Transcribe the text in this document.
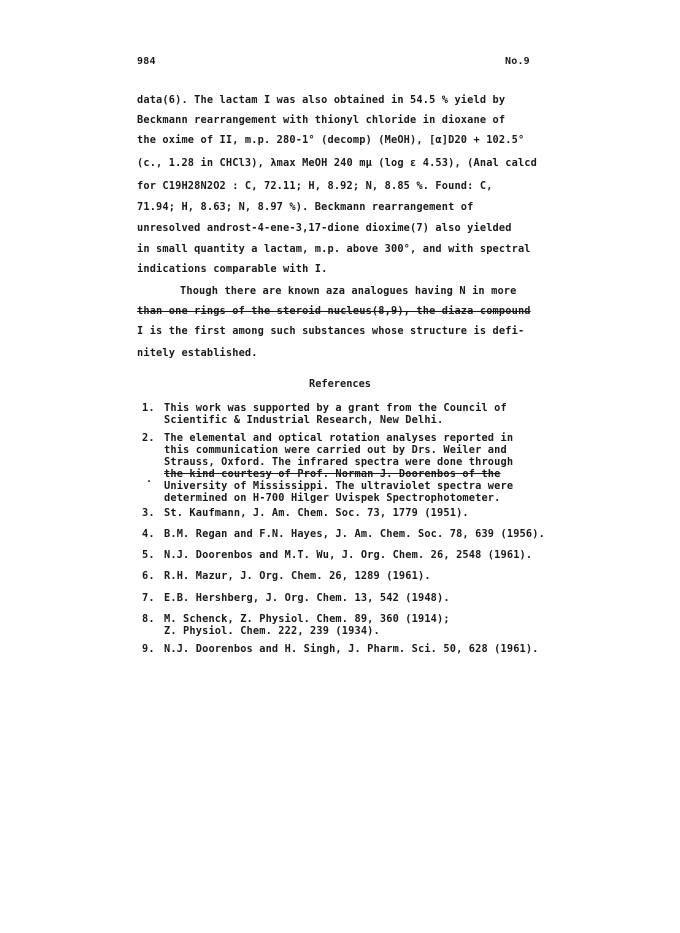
984	No.9
data(6). The lactam I was also obtained in 54.5 % yield by
Beckmann rearrangement with thionyl chloride in dioxane of
the oxime of II, m.p. 280-1° (decomp) (MeOH), [α]D20 + 102.5°
(c., 1.28 in CHCl3), λmax MeOH 240 mμ (log ε 4.53), (Anal calcd
for C19H28N2O2 : C, 72.11; H, 8.92; N, 8.85 %. Found: C,
71.94; H, 8.63; N, 8.97 %). Beckmann rearrangement of
unresolved androst-4-ene-3,17-dione dioxime(7) also yielded
in small quantity a lactam, m.p. above 300°, and with spectral
indications comparable with I.
Though there are known aza analogues having N in more
than one rings of the steroid nucleus(8,9), the diaza compound
I is the first among such substances whose structure is defi-
nitely established.
References
1. This work was supported by a grant from the Council of
Scientific & Industrial Research, New Delhi.
2. The elemental and optical rotation analyses reported in
this communication were carried out by Drs. Weiler and
Strauss, Oxford. The infrared spectra were done through
the kind courtesy of Prof. Norman J. Doorenbos of the
University of Mississippi. The ultraviolet spectra were
determined on H-700 Hilger Uvispek Spectrophotometer.
.
3. St. Kaufmann, J. Am. Chem. Soc. 73, 1779 (1951).
4. B.M. Regan and F.N. Hayes, J. Am. Chem. Soc. 78, 639 (1956).
5. N.J. Doorenbos and M.T. Wu, J. Org. Chem. 26, 2548 (1961).
6. R.H. Mazur, J. Org. Chem. 26, 1289 (1961).
7. E.B. Hershberg, J. Org. Chem. 13, 542 (1948).
8. M. Schenck, Z. Physiol. Chem. 89, 360 (1914);
Z. Physiol. Chem. 222, 239 (1934).
9. N.J. Doorenbos and H. Singh, J. Pharm. Sci. 50, 628 (1961).
